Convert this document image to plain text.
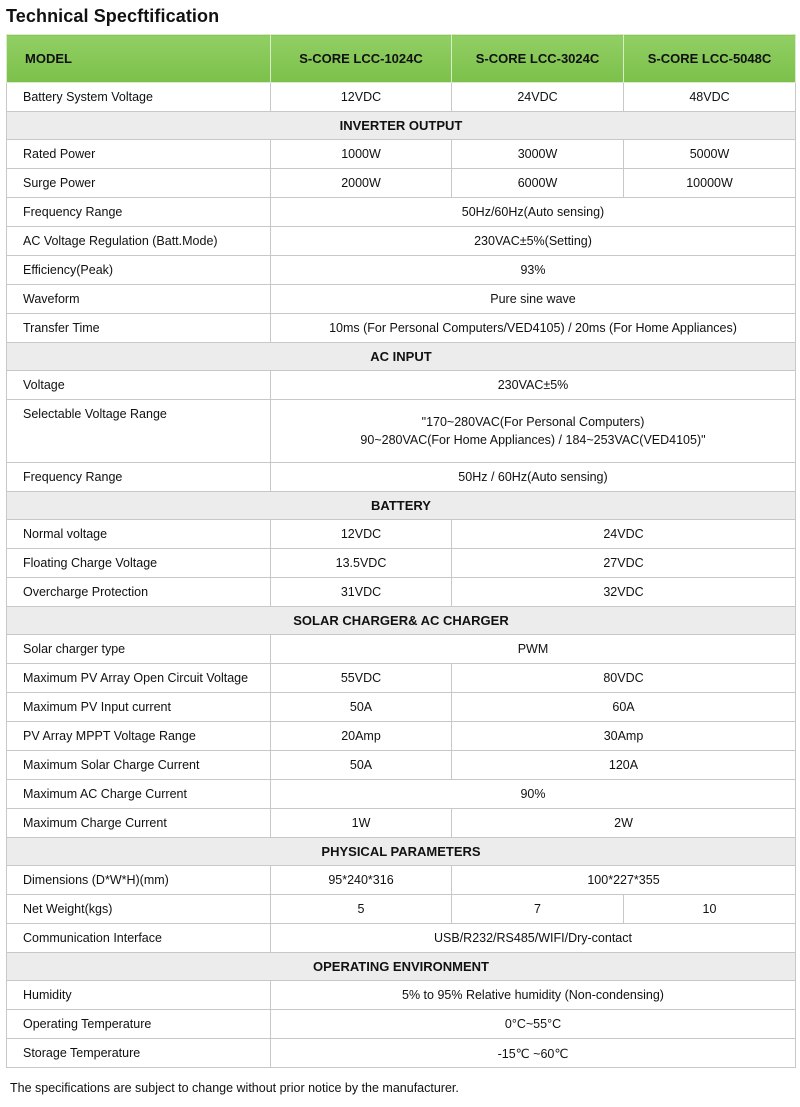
Technical Specftification
MODEL	S-CORE LCC-1024C	S-CORE LCC-3024C	S-CORE LCC-5048C
Battery System Voltage	12VDC	24VDC	48VDC
INVERTER OUTPUT			
Rated Power	1000W	3000W	5000W
Surge Power	2000W	6000W	10000W
Frequency Range	50Hz/60Hz(Auto sensing)		
AC Voltage Regulation (Batt.Mode)	230VAC±5%(Setting)		
Efficiency(Peak)	93%		
Waveform	Pure sine wave		
Transfer Time	10ms (For Personal Computers/VED4105) / 20ms (For Home Appliances)		
AC INPUT			
Voltage	230VAC±5%		
Selectable Voltage Range	"170~280VAC(For Personal Computers)
90~280VAC(For Home Appliances) / 184~253VAC(VED4105)"		

Frequency Range	50Hz / 60Hz(Auto sensing)		
BATTERY			
Normal voltage	12VDC	24VDC	
Floating Charge Voltage	13.5VDC	27VDC	
Overcharge Protection	31VDC	32VDC	
SOLAR CHARGER& AC CHARGER			
Solar charger type	PWM		
Maximum PV Array Open Circuit Voltage	55VDC	80VDC	
Maximum PV Input current	50A	60A	
PV Array MPPT Voltage Range	20Amp	30Amp	
Maximum Solar Charge Current	50A	120A	
Maximum AC Charge Current	90%		
Maximum Charge Current	1W	2W	
PHYSICAL PARAMETERS			
Dimensions (D*W*H)(mm)	95*240*316	100*227*355	
Net Weight(kgs)	5	7	10
Communication Interface	USB/R232/RS485/WIFI/Dry-contact		
OPERATING ENVIRONMENT			
Humidity	5% to 95% Relative humidity (Non-condensing)		
Operating Temperature	0°C~55°C		
Storage Temperature	-15℃ ~60℃		
The specifications are subject to change without prior notice by the manufacturer.
